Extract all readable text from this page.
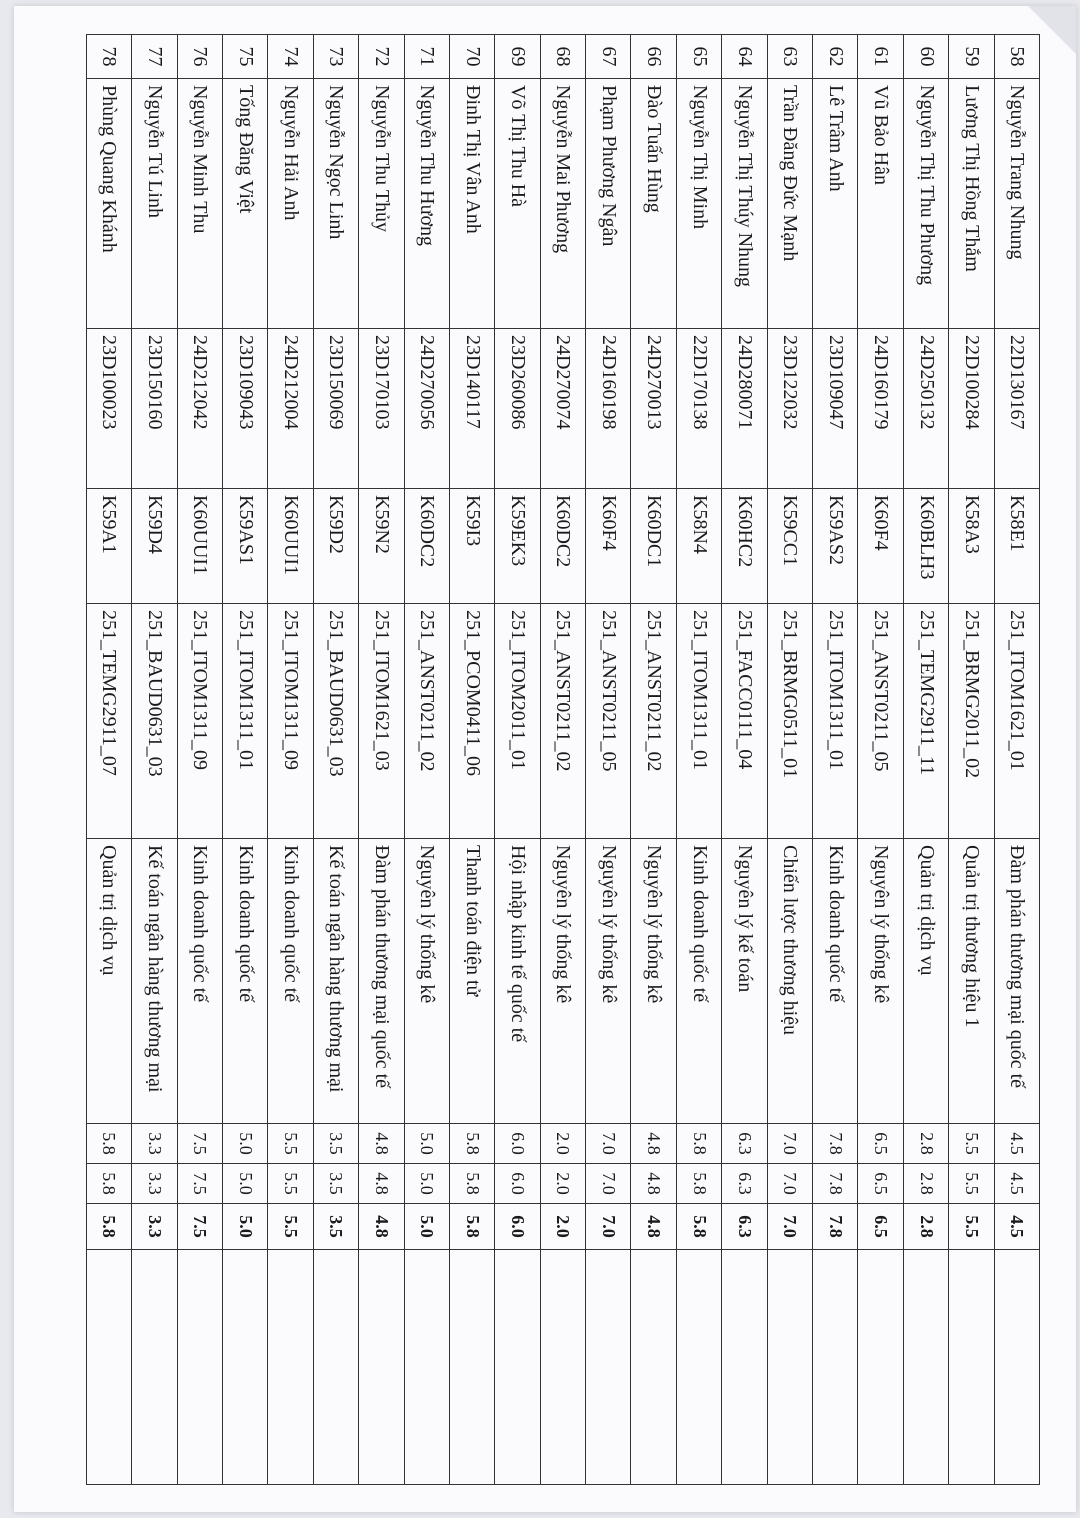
58	Nguyễn Trang Nhung	22D130167	K58E1	251_ITOM1621_01	Đàm phán thương mại quốc tế	4.5	4.5	4.5	
59	Lương Thị Hồng Thắm	22D100284	K58A3	251_BRMG2011_02	Quản trị thương hiệu 1	5.5	5.5	5.5	
60	Nguyễn Thị Thu Phương	24D250132	K60BLH3	251_TEMG2911_11	Quản trị dịch vụ	2.8	2.8	2.8	
61	Vũ Bảo Hân	24D160179	K60F4	251_ANST0211_05	Nguyên lý thống kê	6.5	6.5	6.5	
62	Lê Trâm Anh	23D109047	K59AS2	251_ITOM1311_01	Kinh doanh quốc tế	7.8	7.8	7.8	
63	Trần Đăng Đức Mạnh	23D122032	K59CC1	251_BRMG0511_01	Chiến lược thương hiệu	7.0	7.0	7.0	
64	Nguyễn Thị Thúy Nhung	24D280071	K60HC2	251_FACC0111_04	Nguyên lý kế toán	6.3	6.3	6.3	
65	Nguyễn Thị Minh	22D170138	K58N4	251_ITOM1311_01	Kinh doanh quốc tế	5.8	5.8	5.8	
66	Đào Tuấn Hùng	24D270013	K60DC1	251_ANST0211_02	Nguyên lý thống kê	4.8	4.8	4.8	
67	Phạm Phương Ngân	24D160198	K60F4	251_ANST0211_05	Nguyên lý thống kê	7.0	7.0	7.0	
68	Nguyễn Mai Phương	24D270074	K60DC2	251_ANST0211_02	Nguyên lý thống kê	2.0	2.0	2.0	
69	Võ Thị Thu Hà	23D260086	K59EK3	251_ITOM2011_01	Hội nhập kinh tế quốc tế	6.0	6.0	6.0	
70	Đinh Thị Vân Anh	23D140117	K59I3	251_PCOM0411_06	Thanh toán điện tử	5.8	5.8	5.8	
71	Nguyễn Thu Hương	24D270056	K60DC2	251_ANST0211_02	Nguyên lý thống kê	5.0	5.0	5.0	
72	Nguyễn Thu Thủy	23D170103	K59N2	251_ITOM1621_03	Đàm phán thương mại quốc tế	4.8	4.8	4.8	
73	Nguyễn Ngọc Linh	23D150069	K59D2	251_BAUD0631_03	Kế toán ngân hàng thương mại	3.5	3.5	3.5	
74	Nguyễn Hải Anh	24D212004	K60UUI1	251_ITOM1311_09	Kinh doanh quốc tế	5.5	5.5	5.5	
75	Tống Đăng Việt	23D109043	K59AS1	251_ITOM1311_01	Kinh doanh quốc tế	5.0	5.0	5.0	
76	Nguyễn Minh Thu	24D212042	K60UUI1	251_ITOM1311_09	Kinh doanh quốc tế	7.5	7.5	7.5	
77	Nguyễn Tú Linh	23D150160	K59D4	251_BAUD0631_03	Kế toán ngân hàng thương mại	3.3	3.3	3.3	
78	Phùng Quang Khánh	23D100023	K59A1	251_TEMG2911_07	Quản trị dịch vụ	5.8	5.8	5.8	
